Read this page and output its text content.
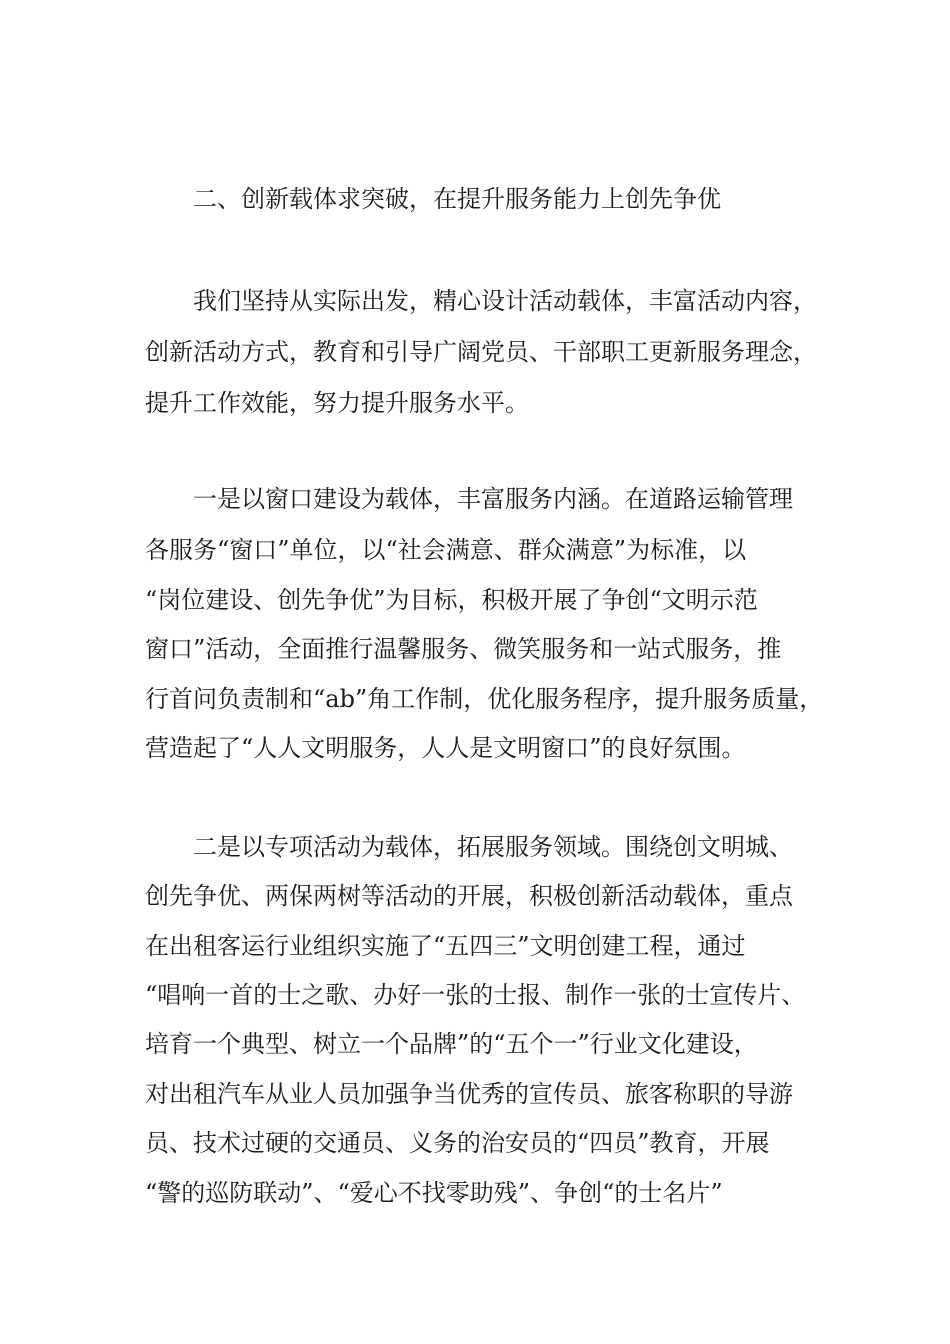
二、创新载体求突破，在提升服务能力上创先争优
我们坚持从实际出发，精心设计活动载体，丰富活动内容，
创新活动方式，教育和引导广阔党员、干部职工更新服务理念，
提升工作效能，努力提升服务水平。
一是以窗口建设为载体，丰富服务内涵。在道路运输管理
各服务“窗口”单位，以“社会满意、群众满意”为标准，以
“岗位建设、创先争优”为目标，积极开展了争创“文明示范
窗口”活动，全面推行温馨服务、微笑服务和一站式服务，推
行首问负责制和“ab”角工作制，优化服务程序，提升服务质量，
营造起了“人人文明服务，人人是文明窗口”的良好氛围。
二是以专项活动为载体，拓展服务领域。围绕创文明城、
创先争优、两保两树等活动的开展，积极创新活动载体，重点
在出租客运行业组织实施了“五四三”文明创建工程，通过
“唱响一首的士之歌、办好一张的士报、制作一张的士宣传片、
培育一个典型、树立一个品牌”的“五个一”行业文化建设，
对出租汽车从业人员加强争当优秀的宣传员、旅客称职的导游
员、技术过硬的交通员、义务的治安员的“四员”教育，开展
“警的巡防联动”、“爱心不找零助残”、争创“的士名片”
